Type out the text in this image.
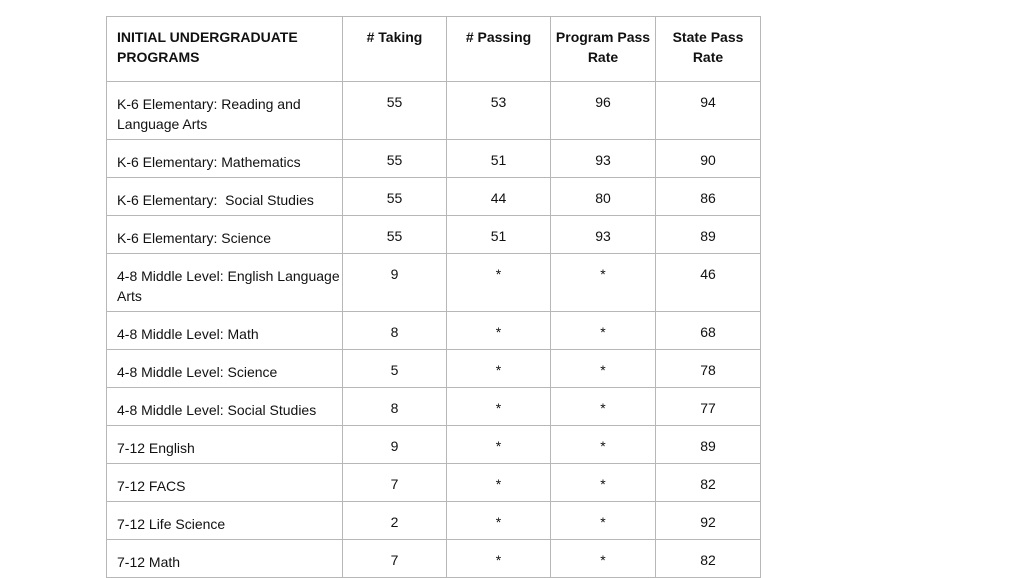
INITIAL UNDERGRADUATE PROGRAMS	# Taking	# Passing	Program Pass Rate	State Pass Rate
K-6 Elementary: Reading and Language Arts	55	53	96	94
K-6 Elementary: Mathematics	55	51	93	90
K-6 Elementary:  Social Studies	55	44	80	86
K-6 Elementary: Science	55	51	93	89
4-8 Middle Level: English Language Arts	9	*	*	46
4-8 Middle Level: Math	8	*	*	68
4-8 Middle Level: Science	5	*	*	78
4-8 Middle Level: Social Studies	8	*	*	77
7-12 English	9	*	*	89
7-12 FACS	7	*	*	82
7-12 Life Science	2	*	*	92
7-12 Math	7	*	*	82
